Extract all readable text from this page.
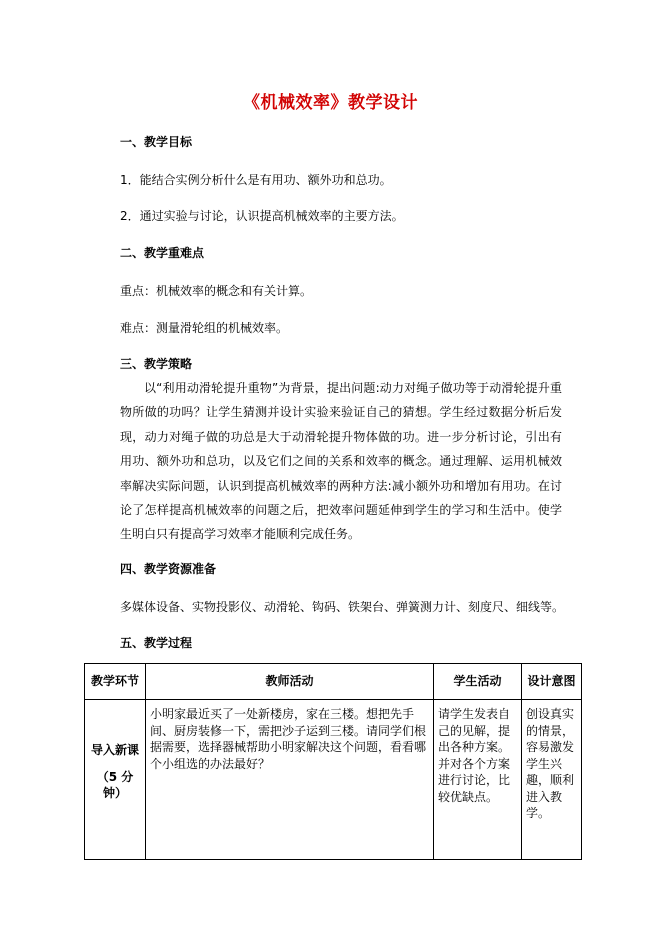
《机械效率》教学设计
一、教学目标
1．能结合实例分析什么是有用功、额外功和总功。
2．通过实验与讨论，认识提高机械效率的主要方法。
二、教学重难点
重点：机械效率的概念和有关计算。
难点：测量滑轮组的机械效率。
三、教学策略

以“利用动滑轮提升重物”为背景，提出问题:动力对绳子做功等于动滑轮提升重物所做的功吗？让学生猜测并设计实验来验证自己的猜想。学生经过数据分析后发现，动力对绳子做的功总是大于动滑轮提升物体做的功。进一步分析讨论，引出有用功、额外功和总功，以及它们之间的关系和效率的概念。通过理解、运用机械效率解决实际问题，认识到提高机械效率的两种方法:减小额外功和增加有用功。在讨论了怎样提高机械效率的问题之后，把效率问题延伸到学生的学习和生活中。使学生明白只有提高学习效率才能顺利完成任务。

四、教学资源准备
多媒体设备、实物投影仪、动滑轮、钩码、铁架台、弹簧测力计、刻度尺、细线等。
五、教学过程
教学环节	教师活动	学生活动	设计意图

导入新课
（5 分钟）	小明家最近买了一处新楼房，家在三楼。想把先手间、厨房装修一下，需把沙子运到三楼。请同学们根据需要，选择器械帮助小明家解决这个问题，看看哪个小组选的办法最好？	请学生发表自己的见解，提出各种方案。并对各个方案进行讨论，比较优缺点。	创设真实的情景，容易激发学生兴趣，顺利进入教学。
